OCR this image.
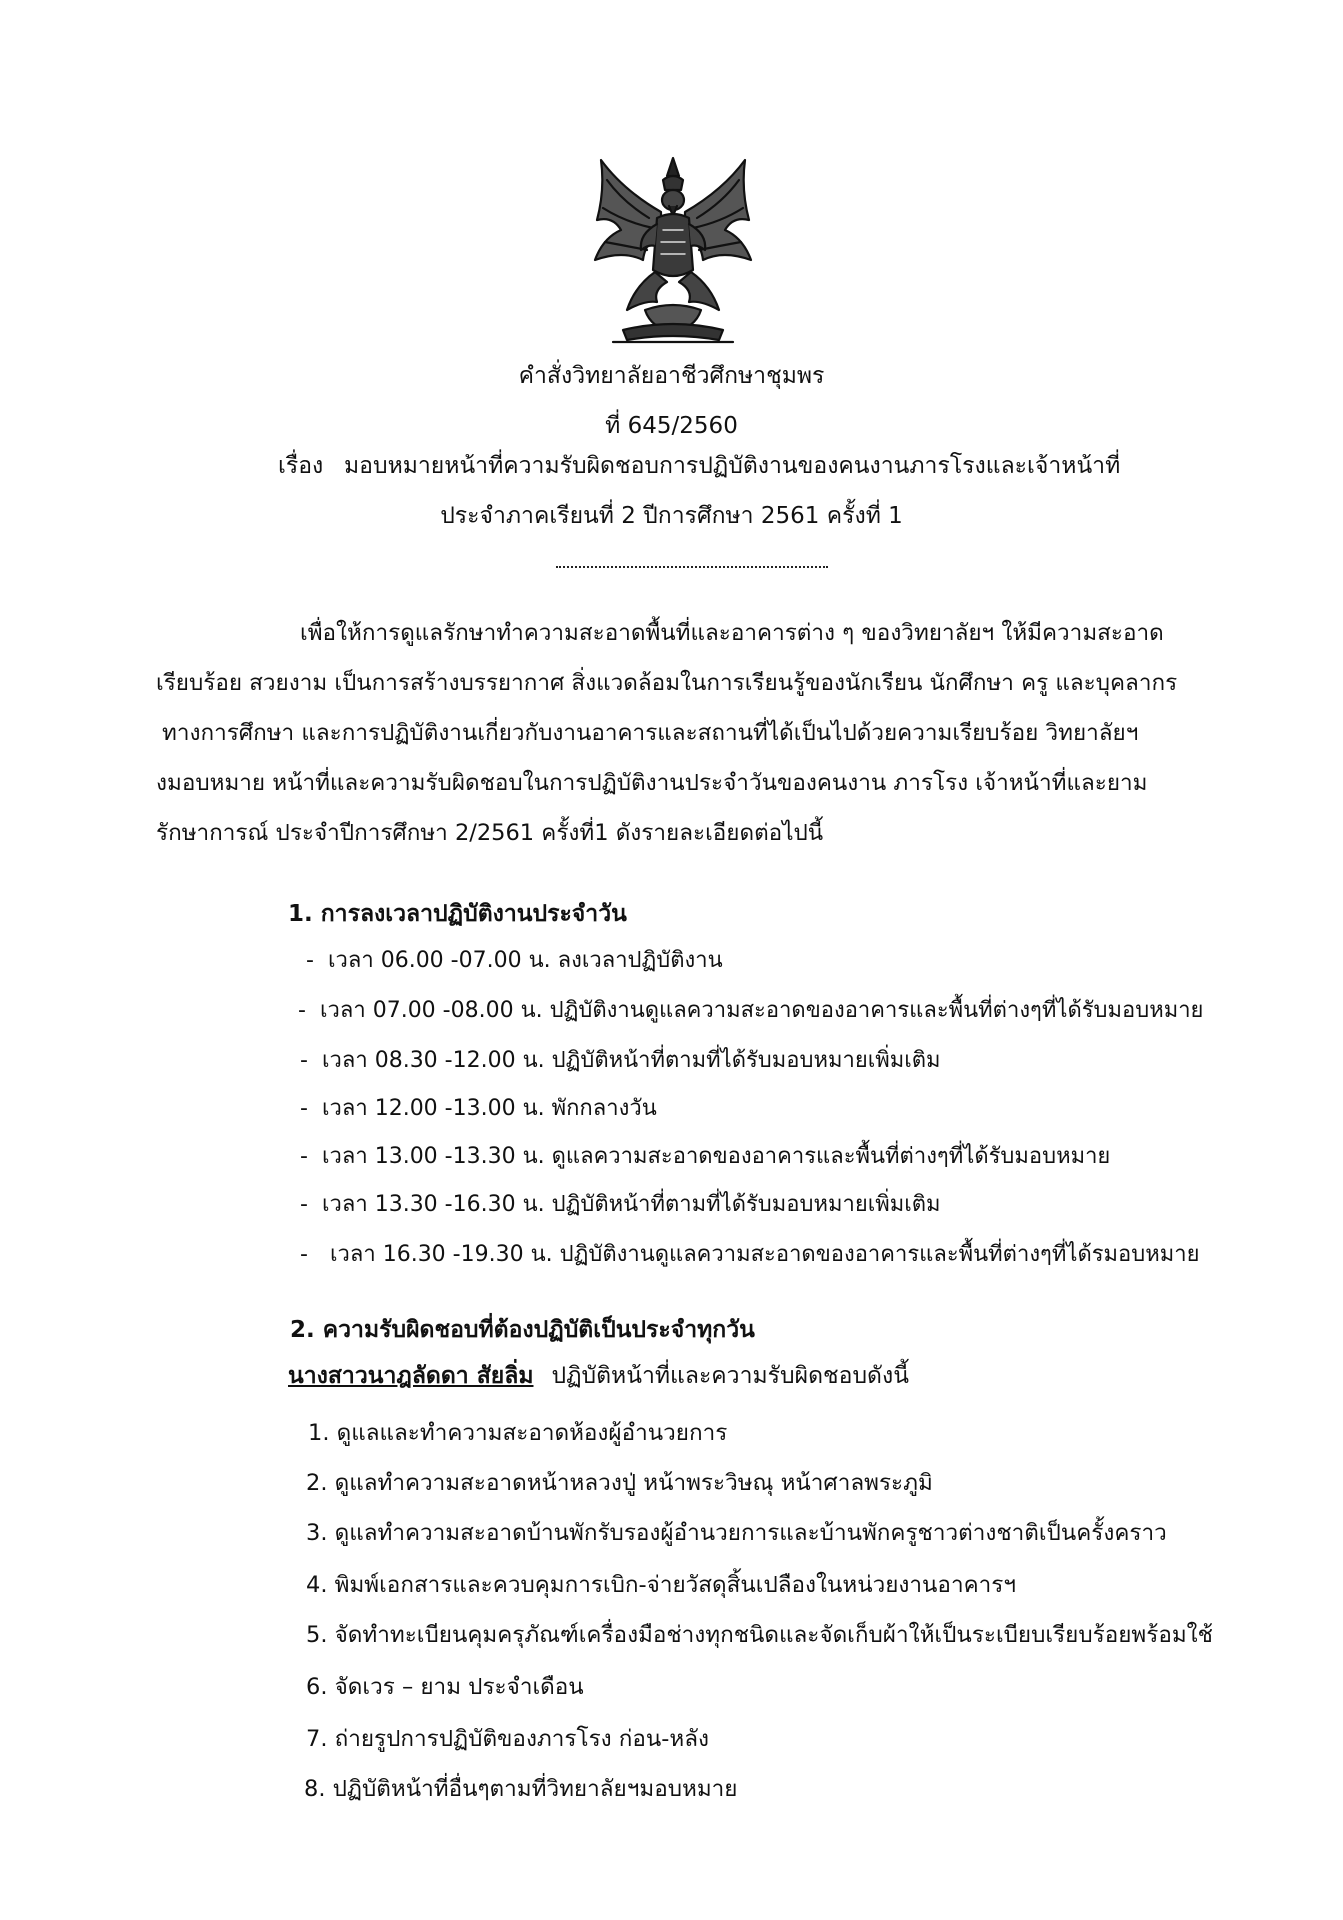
คำสั่งวิทยาลัยอาชีวศึกษาชุมพร
ที่ 645/2560
เรื่อง มอบหมายหน้าที่ความรับผิดชอบการปฏิบัติงานของคนงานภารโรงและเจ้าหน้าที่
ประจำภาคเรียนที่ 2 ปีการศึกษา 2561 ครั้งที่ 1
เพื่อให้การดูแลรักษาทำความสะอาดพื้นที่และอาคารต่าง ๆ ของวิทยาลัยฯ ให้มีความสะอาด
เรียบร้อย สวยงาม เป็นการสร้างบรรยากาศ สิ่งแวดล้อมในการเรียนรู้ของนักเรียน นักศึกษา ครู และบุคลากร
ทางการศึกษา และการปฏิบัติงานเกี่ยวกับงานอาคารและสถานที่ได้เป็นไปด้วยความเรียบร้อย วิทยาลัยฯ
งมอบหมาย หน้าที่และความรับผิดชอบในการปฏิบัติงานประจำวันของคนงาน ภารโรง เจ้าหน้าที่และยาม
รักษาการณ์ ประจำปีการศึกษา 2/2561 ครั้งที่1 ดังรายละเอียดต่อไปนี้
1. การลงเวลาปฏิบัติงานประจำวัน
- เวลา 06.00 -07.00 น. ลงเวลาปฏิบัติงาน
- เวลา 07.00 -08.00 น. ปฏิบัติงานดูแลความสะอาดของอาคารและพื้นที่ต่างๆที่ได้รับมอบหมาย
- เวลา 08.30 -12.00 น. ปฏิบัติหน้าที่ตามที่ได้รับมอบหมายเพิ่มเติม
- เวลา 12.00 -13.00 น. พักกลางวัน
- เวลา 13.00 -13.30 น. ดูแลความสะอาดของอาคารและพื้นที่ต่างๆที่ได้รับมอบหมาย
- เวลา 13.30 -16.30 น. ปฏิบัติหน้าที่ตามที่ได้รับมอบหมายเพิ่มเติม
- เวลา 16.30 -19.30 น. ปฏิบัติงานดูแลความสะอาดของอาคารและพื้นที่ต่างๆที่ได้รมอบหมาย
2. ความรับผิดชอบที่ต้องปฏิบัติเป็นประจำทุกวัน
นางสาวนาฎลัดดา สัยลิ่ม ปฏิบัติหน้าที่และความรับผิดชอบดังนี้
1. ดูแลและทำความสะอาดห้องผู้อำนวยการ
2. ดูแลทำความสะอาดหน้าหลวงปู่ หน้าพระวิษณุ หน้าศาลพระภูมิ
3. ดูแลทำความสะอาดบ้านพักรับรองผู้อำนวยการและบ้านพักครูชาวต่างชาติเป็นครั้งคราว
4. พิมพ์เอกสารและควบคุมการเบิก-จ่ายวัสดุสิ้นเปลืองในหน่วยงานอาคารฯ
5. จัดทำทะเบียนคุมครุภัณฑ์เครื่องมือช่างทุกชนิดและจัดเก็บผ้าให้เป็นระเบียบเรียบร้อยพร้อมใช้
6. จัดเวร – ยาม ประจำเดือน
7. ถ่ายรูปการปฏิบัติของภารโรง ก่อน-หลัง
8. ปฏิบัติหน้าที่อื่นๆตามที่วิทยาลัยฯมอบหมาย
